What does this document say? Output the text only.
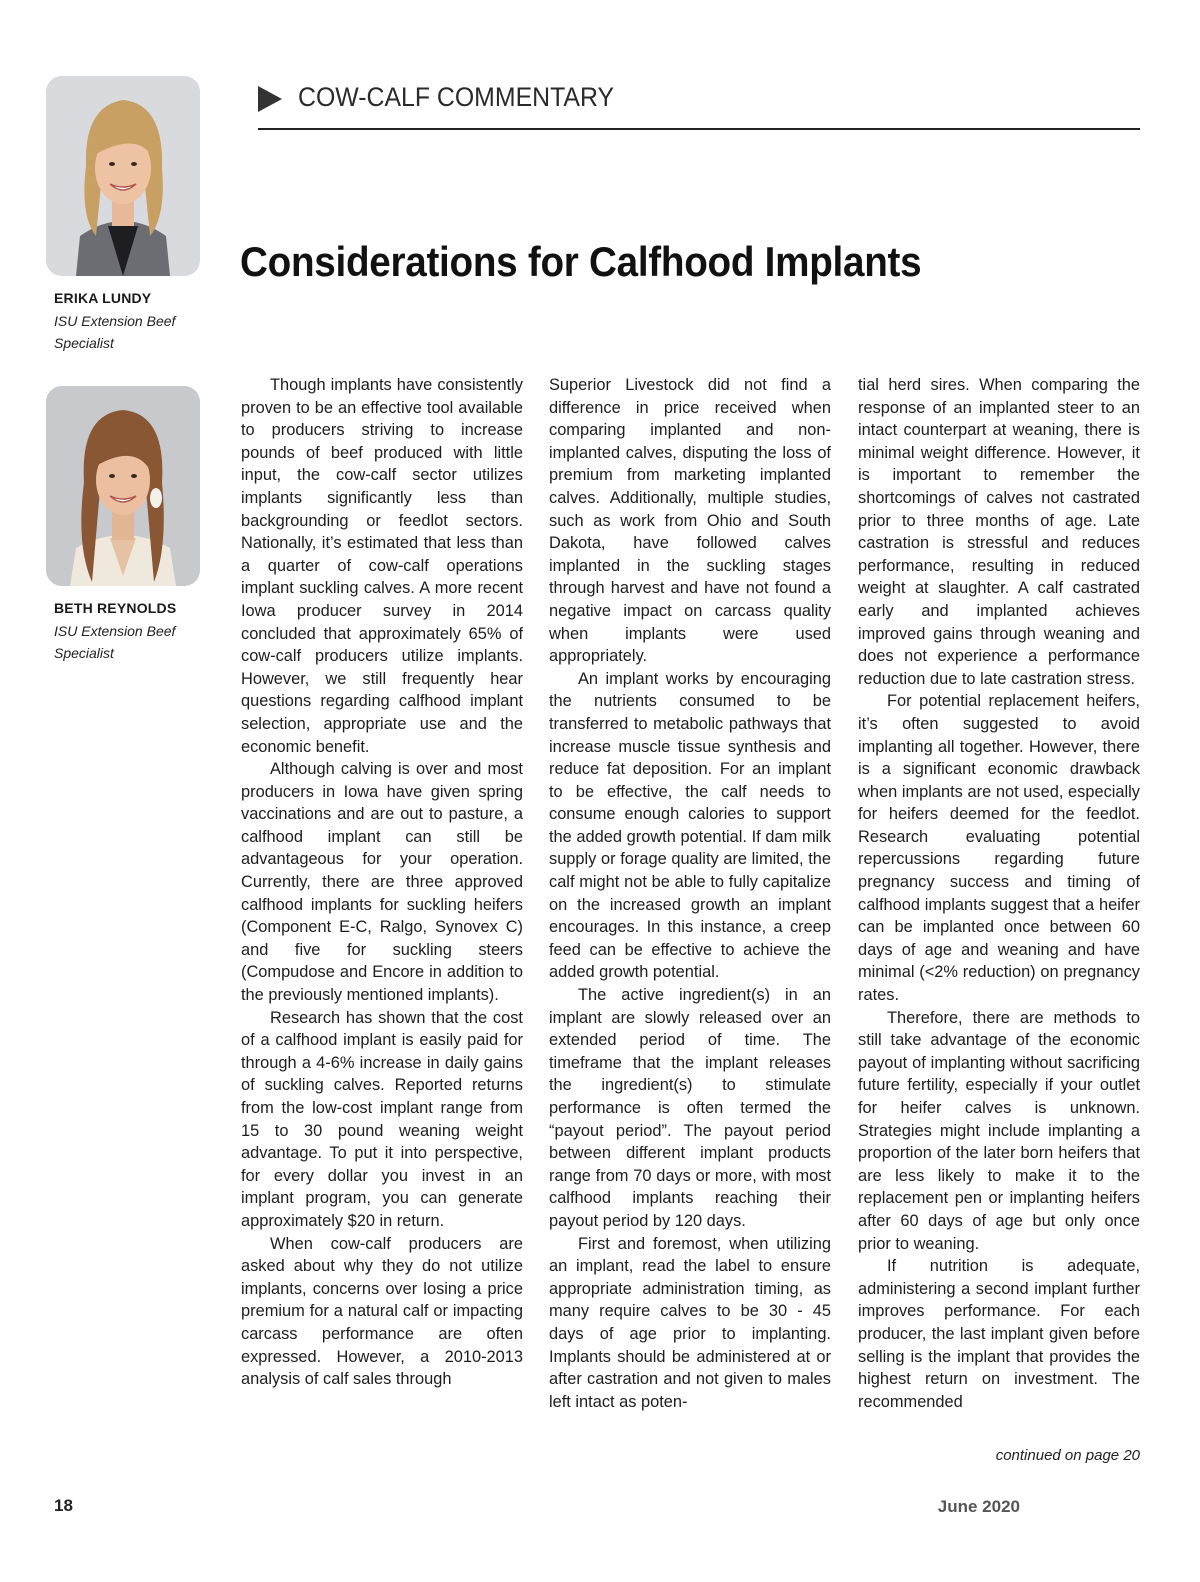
ERIKA LUNDY
ISU Extension Beef Specialist
BETH REYNOLDS
ISU Extension Beef Specialist
COW-CALF COMMENTARY
Considerations for Calfhood Implants

Though implants have consistently proven to be an effective tool available to producers striving to increase pounds of beef produced with little input, the cow-calf sector utilizes implants significantly less than backgrounding or feedlot sectors. Nationally, it’s estimated that less than a quarter of cow-calf operations implant suckling calves. A more recent Iowa producer survey in 2014 concluded that approximately 65% of cow-calf producers utilize implants. However, we still frequently hear questions regarding calfhood implant selection, appropriate use and the economic benefit.

Although calving is over and most producers in Iowa have given spring vaccinations and are out to pasture, a calfhood implant can still be advantageous for your operation. Currently, there are three approved calfhood implants for suckling heifers (Component E-C, Ralgo, Synovex C) and five for suckling steers (Compudose and Encore in addition to the previously mentioned implants).

Research has shown that the cost of a calfhood implant is easily paid for through a 4-6% increase in daily gains of suckling calves. Reported returns from the low-cost implant range from 15 to 30 pound weaning weight advantage. To put it into perspective, for every dollar you invest in an implant program, you can generate approximately $20 in return.

When cow-calf producers are asked about why they do not utilize implants, concerns over losing a price premium for a natural calf or impacting carcass performance are often expressed. However, a 2010-2013 analysis of calf sales through

Superior Livestock did not find a difference in price received when comparing implanted and non-implanted calves, disputing the loss of premium from marketing implanted calves. Additionally, multiple studies, such as work from Ohio and South Dakota, have followed calves implanted in the suckling stages through harvest and have not found a negative impact on carcass quality when implants were used appropriately.

An implant works by encouraging the nutrients consumed to be transferred to metabolic pathways that increase muscle tissue synthesis and reduce fat deposition. For an implant to be effective, the calf needs to consume enough calories to support the added growth potential. If dam milk supply or forage quality are limited, the calf might not be able to fully capitalize on the increased growth an implant encourages. In this instance, a creep feed can be effective to achieve the added growth potential.

The active ingredient(s) in an implant are slowly released over an extended period of time. The timeframe that the implant releases the ingredient(s) to stimulate performance is often termed the “payout period”. The payout period between different implant products range from 70 days or more, with most calfhood implants reaching their payout period by 120 days.

First and foremost, when utilizing an implant, read the label to ensure appropriate administration timing, as many require calves to be 30 - 45 days of age prior to implanting. Implants should be administered at or after castration and not given to males left intact as poten-

tial herd sires. When comparing the response of an implanted steer to an intact counterpart at weaning, there is minimal weight difference. However, it is important to remember the shortcomings of calves not castrated prior to three months of age. Late castration is stressful and reduces performance, resulting in reduced weight at slaughter. A calf castrated early and implanted achieves improved gains through weaning and does not experience a performance reduction due to late castration stress.

For potential replacement heifers, it’s often suggested to avoid implanting all together. However, there is a significant economic drawback when implants are not used, especially for heifers deemed for the feedlot. Research evaluating potential repercussions regarding future pregnancy success and timing of calfhood implants suggest that a heifer can be implanted once between 60 days of age and weaning and have minimal (<2% reduction) on pregnancy rates.

Therefore, there are methods to still take advantage of the economic payout of implanting without sacrificing future fertility, especially if your outlet for heifer calves is unknown. Strategies might include implanting a proportion of the later born heifers that are less likely to make it to the replacement pen or implanting heifers after 60 days of age but only once prior to weaning.

If nutrition is adequate, administering a second implant further improves performance. For each producer, the last implant given before selling is the implant that provides the highest return on investment. The recommended

continued on page 20
18	June 2020
